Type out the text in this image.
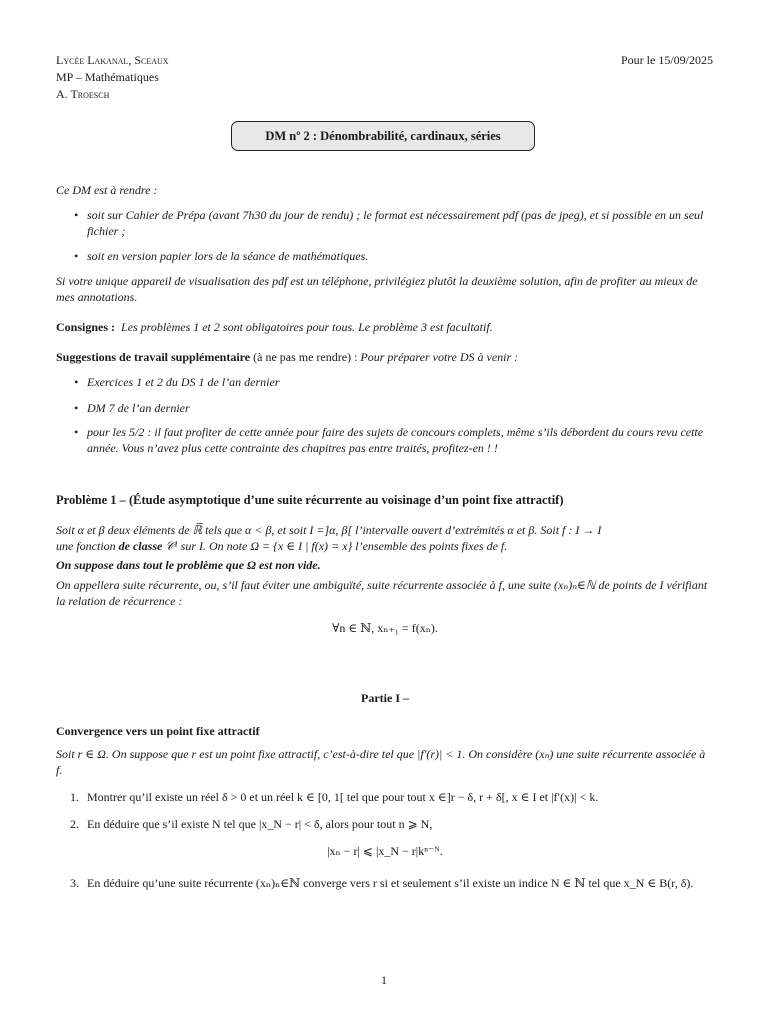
Lycée Lakanal, Sceaux
MP – Mathématiques
A. Troesch
Pour le 15/09/2025
DM nº 2 : Dénombrabilité, cardinaux, séries
Ce DM est à rendre :
• soit sur Cahier de Prépa (avant 7h30 du jour de rendu) ; le format est nécessairement pdf (pas de jpeg), et si possible en un seul fichier ;
• soit en version papier lors de la séance de mathématiques.
Si votre unique appareil de visualisation des pdf est un téléphone, privilégiez plutôt la deuxième solution, afin de profiter au mieux de mes annotations.
Consignes : Les problèmes 1 et 2 sont obligatoires pour tous. Le problème 3 est facultatif.
Suggestions de travail supplémentaire (à ne pas me rendre) : Pour préparer votre DS à venir :
• Exercices 1 et 2 du DS 1 de l’an dernier
• DM 7 de l’an dernier
• pour les 5/2 : il faut profiter de cette année pour faire des sujets de concours complets, même s’ils débordent du cours revu cette année. Vous n’avez plus cette contrainte des chapitres pas entre traités, profitez-en ! !
Problème 1 – (Étude asymptotique d’une suite récurrente au voisinage d’un point fixe attractif)
Soit α et β deux éléments de ℝ̅ tels que α < β, et soit I =]α, β[ l’intervalle ouvert d’extrémités α et β. Soit f : I → I
une fonction de classe 𝒞¹ sur I. On note Ω = {x ∈ I | f(x) = x} l’ensemble des points fixes de f.
On suppose dans tout le problème que Ω est non vide.
On appellera suite récurrente, ou, s’il faut éviter une ambiguïté, suite récurrente associée à f, une suite (xₙ)ₙ∈ℕ de points de I vérifiant la relation de récurrence :
∀n ∈ ℕ, xₙ₊₁ = f(xₙ).
Partie I –
Convergence vers un point fixe attractif
Soit r ∈ Ω. On suppose que r est un point fixe attractif, c’est-à-dire tel que |f′(r)| < 1. On considère (xₙ) une suite récurrente associée à f.
1. Montrer qu’il existe un réel δ > 0 et un réel k ∈ [0, 1[ tel que pour tout x ∈]r − δ, r + δ[, x ∈ I et |f′(x)| < k.
2. En déduire que s’il existe N tel que |x_N − r| < δ, alors pour tout n ⩾ N,
|xₙ − r| ⩽ |x_N − r|kⁿ⁻ᴺ.
3. En déduire qu’une suite récurrente (xₙ)ₙ∈ℕ converge vers r si et seulement s’il existe un indice N ∈ ℕ tel que x_N ∈ B(r, δ).
1
